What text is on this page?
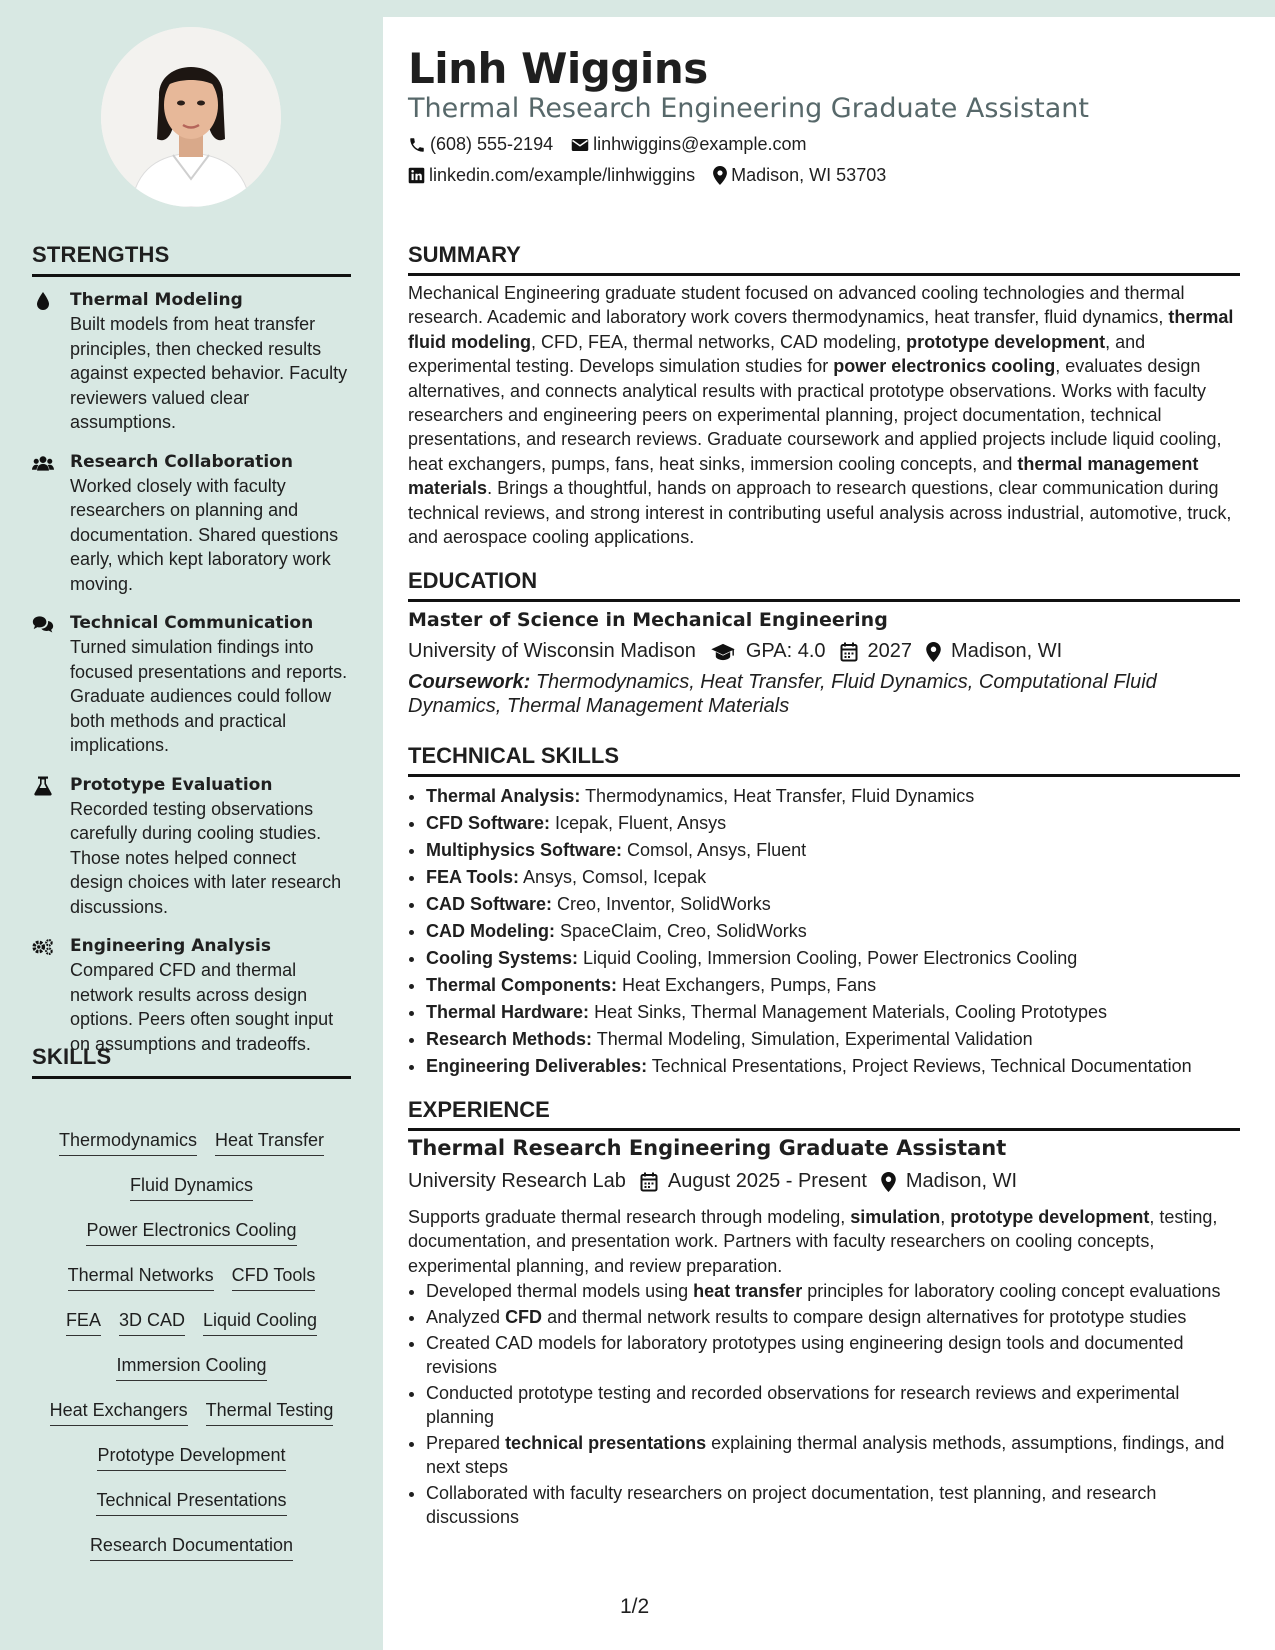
STRENGTHS
Thermal Modeling
Built models from heat transfer principles, then checked results against expected behavior. Faculty reviewers valued clear assumptions.
Research Collaboration
Worked closely with faculty researchers on planning and documentation. Shared questions early, which kept laboratory work moving.
Technical Communication
Turned simulation findings into focused presentations and reports. Graduate audiences could follow both methods and practical implications.
Prototype Evaluation
Recorded testing observations carefully during cooling studies. Those notes helped connect design choices with later research discussions.
Engineering Analysis
Compared CFD and thermal network results across design options. Peers often sought input on assumptions and tradeoffs.
SKILLS
Thermodynamics Heat Transfer
Fluid Dynamics
Power Electronics Cooling
Thermal Networks CFD Tools
FEA 3D CAD Liquid Cooling
Immersion Cooling
Heat Exchangers Thermal Testing
Prototype Development
Technical Presentations
Research Documentation
Linh Wiggins
Thermal Research Engineering Graduate Assistant
(608) 555-2194 linhwiggins@example.com
linkedin.com/example/linhwiggins Madison, WI 53703
SUMMARY
Mechanical Engineering graduate student focused on advanced cooling technologies and thermal research. Academic and laboratory work covers thermodynamics, heat transfer, fluid dynamics, thermal fluid modeling, CFD, FEA, thermal networks, CAD modeling, prototype development, and experimental testing. Develops simulation studies for power electronics cooling, evaluates design alternatives, and connects analytical results with practical prototype observations. Works with faculty researchers and engineering peers on experimental planning, project documentation, technical presentations, and research reviews. Graduate coursework and applied projects include liquid cooling, heat exchangers, pumps, fans, heat sinks, immersion cooling concepts, and thermal management materials. Brings a thoughtful, hands on approach to research questions, clear communication during technical reviews, and strong interest in contributing useful analysis across industrial, automotive, truck, and aerospace cooling applications.
EDUCATION
Master of Science in Mechanical Engineering
University of Wisconsin Madison	GPA: 4.0 2027 Madison, WI
Coursework: Thermodynamics, Heat Transfer, Fluid Dynamics, Computational Fluid Dynamics, Thermal Management Materials
TECHNICAL SKILLS
• Thermal Analysis: Thermodynamics, Heat Transfer, Fluid Dynamics
• CFD Software: Icepak, Fluent, Ansys
• Multiphysics Software: Comsol, Ansys, Fluent
• FEA Tools: Ansys, Comsol, Icepak
• CAD Software: Creo, Inventor, SolidWorks
• CAD Modeling: SpaceClaim, Creo, SolidWorks
• Cooling Systems: Liquid Cooling, Immersion Cooling, Power Electronics Cooling
• Thermal Components: Heat Exchangers, Pumps, Fans
• Thermal Hardware: Heat Sinks, Thermal Management Materials, Cooling Prototypes
• Research Methods: Thermal Modeling, Simulation, Experimental Validation
• Engineering Deliverables: Technical Presentations, Project Reviews, Technical Documentation
EXPERIENCE
Thermal Research Engineering Graduate Assistant
University Research Lab August 2025 - Present Madison, WI
Supports graduate thermal research through modeling, simulation, prototype development, testing, documentation, and presentation work. Partners with faculty researchers on cooling concepts, experimental planning, and review preparation.
• Developed thermal models using heat transfer principles for laboratory cooling concept evaluations
• Analyzed CFD and thermal network results to compare design alternatives for prototype studies
• Created CAD models for laboratory prototypes using engineering design tools and documented revisions
• Conducted prototype testing and recorded observations for research reviews and experimental planning
• Prepared technical presentations explaining thermal analysis methods, assumptions, findings, and next steps
• Collaborated with faculty researchers on project documentation, test planning, and research discussions
1/2
